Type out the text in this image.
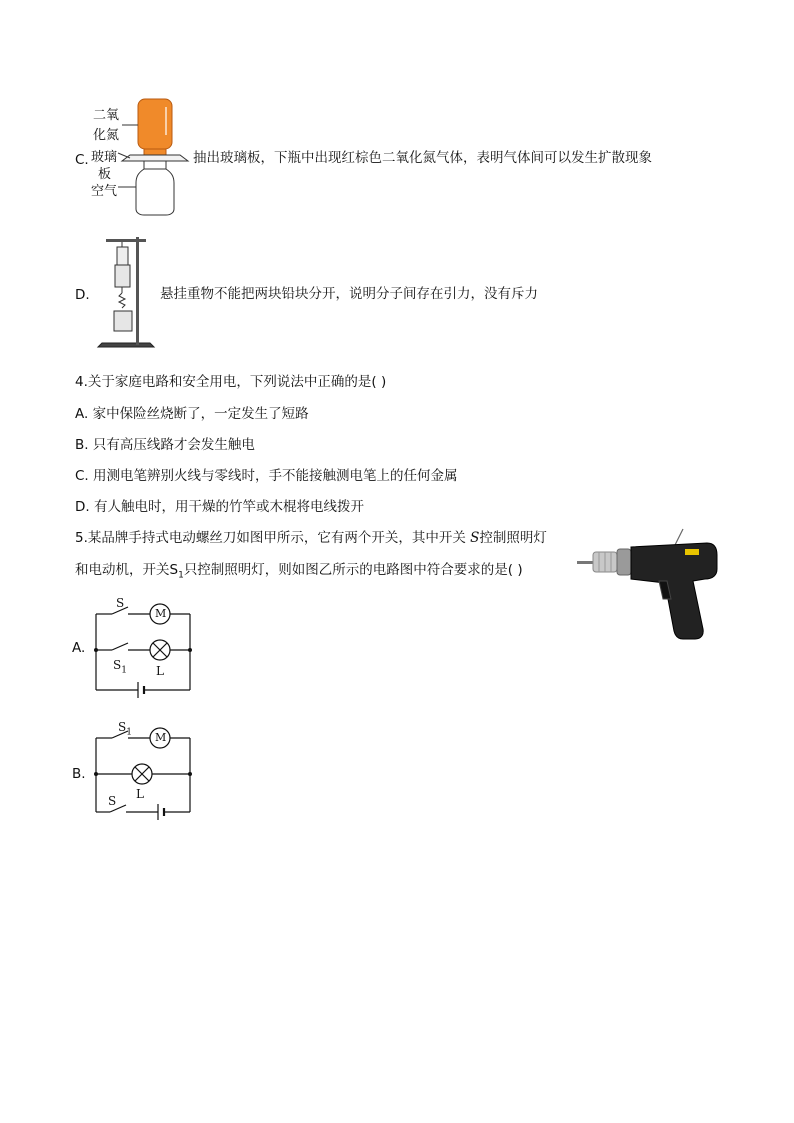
C.
二氧
化氮
玻璃
板
空气
抽出玻璃板，下瓶中出现红棕色二氧化氮气体，表明气体间可以发生扩散现象
D.	悬挂重物不能把两块铅块分开，说明分子间存在引力，没有斥力
4.关于家庭电路和安全用电，下列说法中正确的是( )
A. 家中保险丝烧断了，一定发生了短路
B. 只有高压线路才会发生触电
C. 用测电笔辨别火线与零线时，手不能接触测电笔上的任何金属
D. 有人触电时，用干燥的竹竿或木棍将电线拨开
5.某品牌手持式电动螺丝刀如图甲所示，它有两个开关，其中开关 S控制照明灯
和电动机，开关$S_1$只控制照明灯，则如图乙所示的电路图中符合要求的是( )
A.
S
M
$S_1$ L
B.
$S_1$ M
L
S
